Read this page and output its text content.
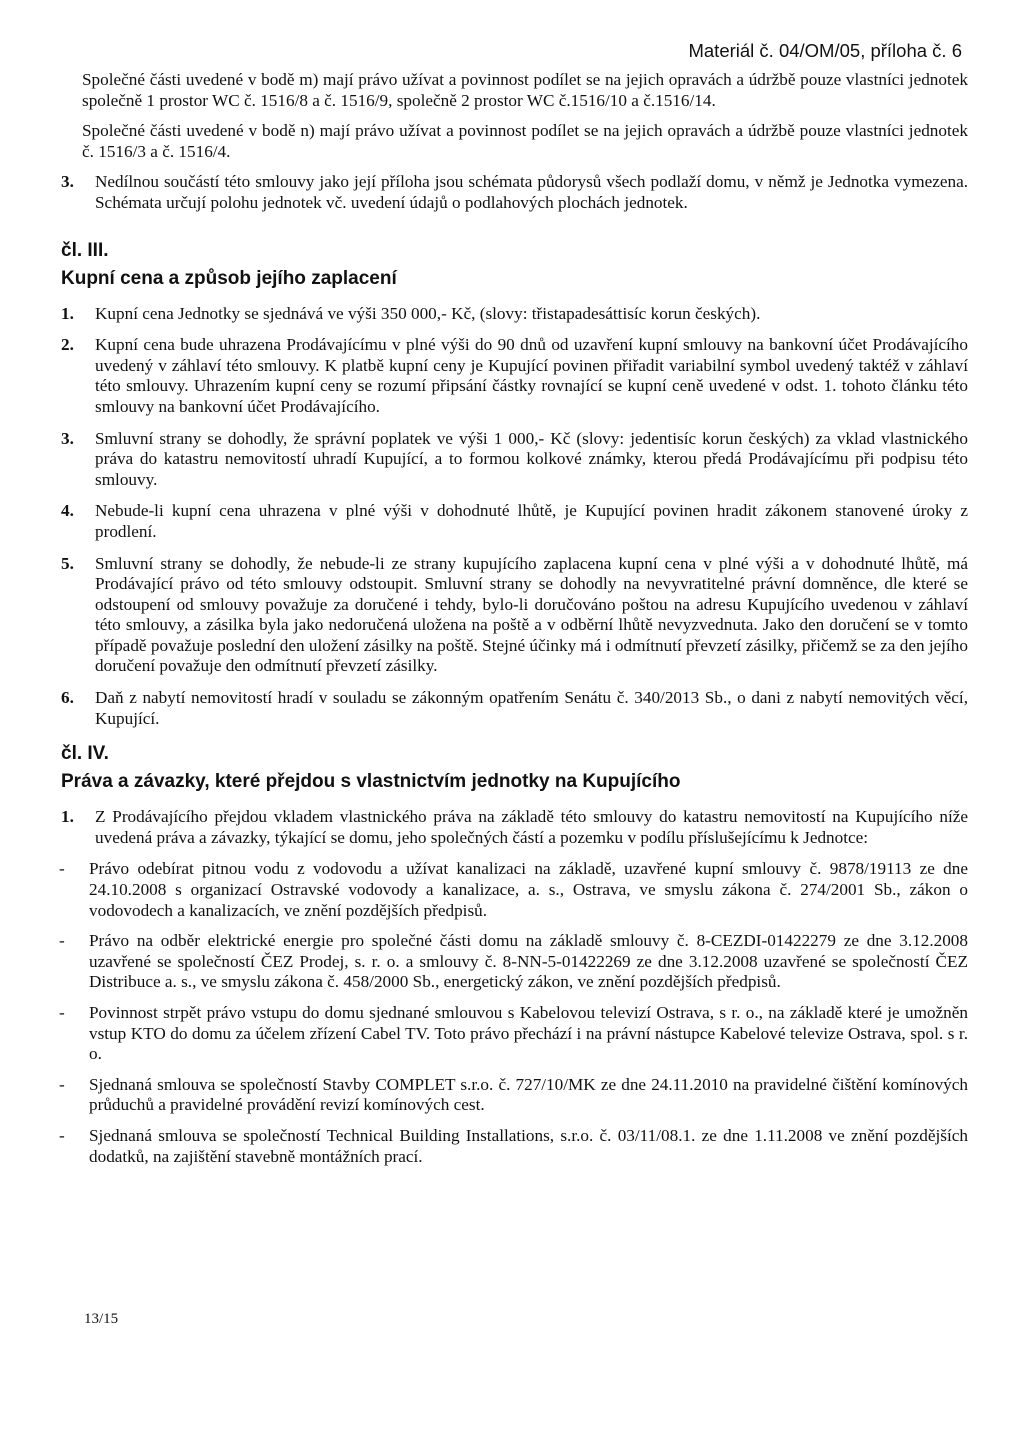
Materiál č. 04/OM/05, příloha č. 6

Společné části uvedené v bodě m) mají právo užívat a povinnost podílet se na jejich opravách a údržbě pouze vlastníci jednotek společně 1 prostor WC č. 1516/8 a č. 1516/9, společně 2 prostor WC č.1516/10 a č.1516/14.

Společné části uvedené v bodě n) mají právo užívat a povinnost podílet se na jejich opravách a údržbě pouze vlastníci jednotek č. 1516/3 a č. 1516/4.

3. Nedílnou součástí této smlouvy jako její příloha jsou schémata půdorysů všech podlaží domu, v němž je Jednotka vymezena. Schémata určují polohu jednotek vč. uvedení údajů o podlahových plochách jednotek.

čl. III.
Kupní cena a způsob jejího zaplacení
1. Kupní cena Jednotky se sjednává ve výši 350 000,- Kč, (slovy: třistapadesáttisíc korun českých).

2. Kupní cena bude uhrazena Prodávajícímu v plné výši do 90 dnů od uzavření kupní smlouvy na bankovní účet Prodávajícího uvedený v záhlaví této smlouvy. K platbě kupní ceny je Kupující povinen přiřadit variabilní symbol uvedený taktéž v záhlaví této smlouvy. Uhrazením kupní ceny se rozumí připsání částky rovnající se kupní ceně uvedené v odst. 1. tohoto článku této smlouvy na bankovní účet Prodávajícího.

3. Smluvní strany se dohodly, že správní poplatek ve výši 1 000,- Kč (slovy: jedentisíc korun českých) za vklad vlastnického práva do katastru nemovitostí uhradí Kupující, a to formou kolkové známky, kterou předá Prodávajícímu při podpisu této smlouvy.

4. Nebude-li kupní cena uhrazena v plné výši v dohodnuté lhůtě, je Kupující povinen hradit zákonem stanovené úroky z prodlení.

5. Smluvní strany se dohodly, že nebude-li ze strany kupujícího zaplacena kupní cena v plné výši a v dohodnuté lhůtě, má Prodávající právo od této smlouvy odstoupit. Smluvní strany se dohodly na nevyvratitelné právní domněnce, dle které se odstoupení od smlouvy považuje za doručené i tehdy, bylo-li doručováno poštou na adresu Kupujícího uvedenou v záhlaví této smlouvy, a zásilka byla jako nedoručená uložena na poště a v odběrní lhůtě nevyzvednuta. Jako den doručení se v tomto případě považuje poslední den uložení zásilky na poště. Stejné účinky má i odmítnutí převzetí zásilky, přičemž se za den jejího doručení považuje den odmítnutí převzetí zásilky.

6. Daň z nabytí nemovitostí hradí v souladu se zákonným opatřením Senátu č. 340/2013 Sb., o dani z nabytí nemovitých věcí, Kupující.

čl. IV.
Práva a závazky, které přejdou s vlastnictvím jednotky na Kupujícího
1. Z Prodávajícího přejdou vkladem vlastnického práva na základě této smlouvy do katastru nemovitostí na Kupujícího níže uvedená práva a závazky, týkající se domu, jeho společných částí a pozemku v podílu příslušejícímu k Jednotce:

- Právo odebírat pitnou vodu z vodovodu a užívat kanalizaci na základě, uzavřené kupní smlouvy č. 9878/19113 ze dne 24.10.2008 s organizací Ostravské vodovody a kanalizace, a. s., Ostrava, ve smyslu zákona č. 274/2001 Sb., zákon o vodovodech a kanalizacích, ve znění pozdějších předpisů.

- Právo na odběr elektrické energie pro společné části domu na základě smlouvy č. 8-CEZDI-01422279 ze dne 3.12.2008 uzavřené se společností ČEZ Prodej, s. r. o. a smlouvy č. 8-NN-5-01422269 ze dne 3.12.2008 uzavřené se společností ČEZ Distribuce a. s., ve smyslu zákona č. 458/2000 Sb., energetický zákon, ve znění pozdějších předpisů.

- Povinnost strpět právo vstupu do domu sjednané smlouvou s Kabelovou televizí Ostrava, s r. o., na základě které je umožněn vstup KTO do domu za účelem zřízení Cabel TV. Toto právo přechází i na právní nástupce Kabelové televize Ostrava, spol. s r. o.

- Sjednaná smlouva se společností Stavby COMPLET s.r.o. č. 727/10/MK ze dne 24.11.2010 na pravidelné čištění komínových průduchů a pravidelné provádění revizí komínových cest.

- Sjednaná smlouva se společností Technical Building Installations, s.r.o. č. 03/11/08.1. ze dne 1.11.2008 ve znění pozdějších dodatků, na zajištění stavebně montážních prací.

13/15
